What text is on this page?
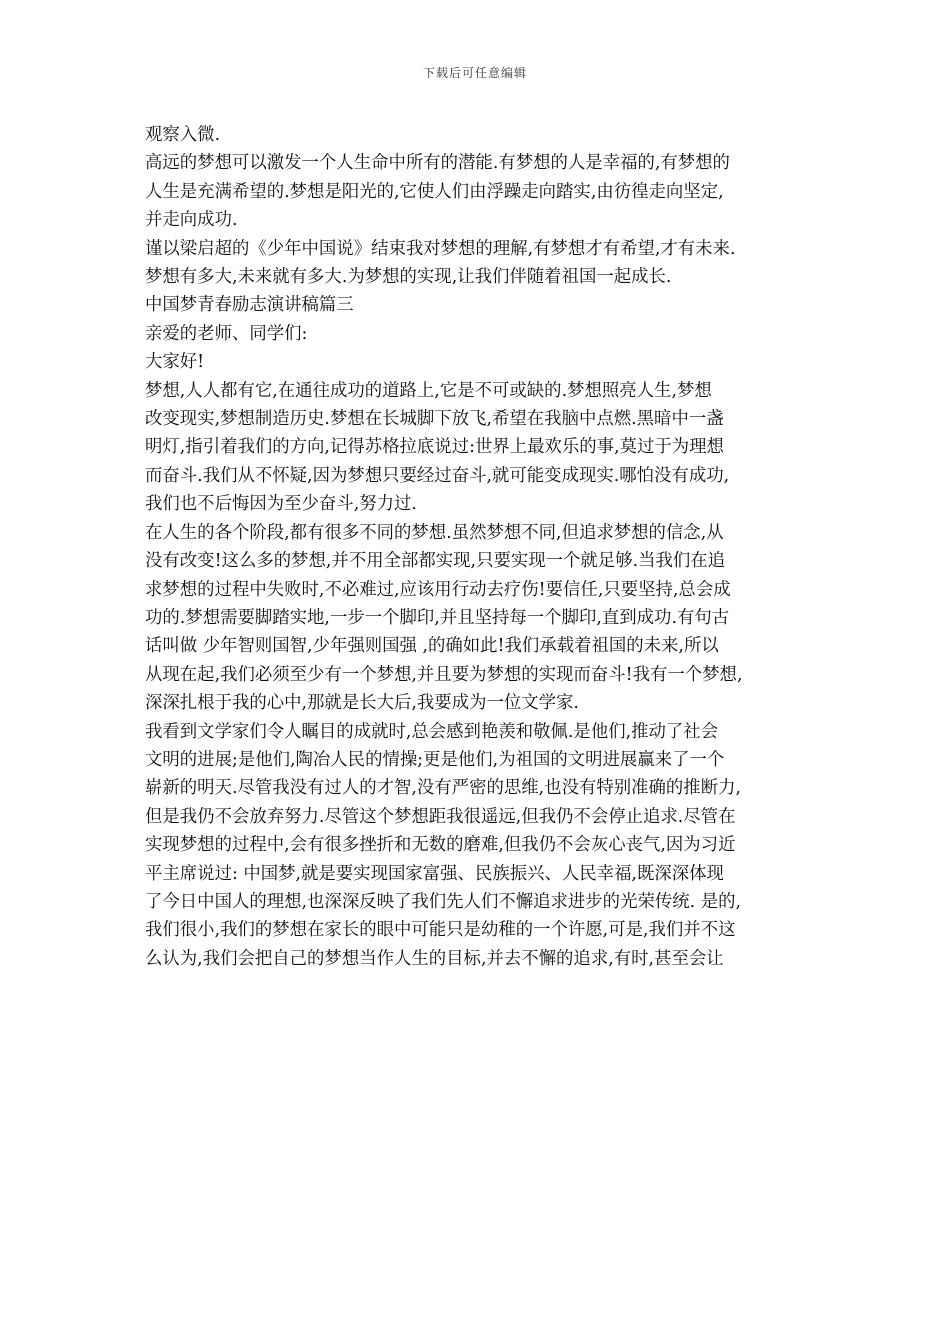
下载后可任意编辑

观察入微.

高远的梦想可以激发一个人生命中所有的潜能.有梦想的人是幸福的,有梦想的

人生是充满希望的.梦想是阳光的,它使人们由浮躁走向踏实,由彷徨走向坚定,

并走向成功.

谨以梁启超的《少年中国说》结束我对梦想的理解,有梦想才有希望,才有未来.

梦想有多大,未来就有多大.为梦想的实现,让我们伴随着祖国一起成长.

中国梦青春励志演讲稿篇三

亲爱的老师、同学们:

大家好!

梦想,人人都有它,在通往成功的道路上,它是不可或缺的.梦想照亮人生,梦想

改变现实,梦想制造历史.梦想在长城脚下放飞,希望在我脑中点燃.黑暗中一盏

明灯,指引着我们的方向,记得苏格拉底说过:世界上最欢乐的事,莫过于为理想

而奋斗.我们从不怀疑,因为梦想只要经过奋斗,就可能变成现实.哪怕没有成功,

我们也不后悔因为至少奋斗,努力过.

在人生的各个阶段,都有很多不同的梦想.虽然梦想不同,但追求梦想的信念,从

没有改变!这么多的梦想,并不用全部都实现,只要实现一个就足够.当我们在追

求梦想的过程中失败时,不必难过,应该用行动去疗伤!要信任,只要坚持,总会成

功的.梦想需要脚踏实地,一步一个脚印,并且坚持每一个脚印,直到成功.有句古

话叫做 少年智则国智,少年强则国强 ,的确如此!我们承载着祖国的未来,所以

从现在起,我们必须至少有一个梦想,并且要为梦想的实现而奋斗!我有一个梦想,

深深扎根于我的心中,那就是长大后,我要成为一位文学家.

我看到文学家们令人瞩目的成就时,总会感到艳羡和敬佩.是他们,推动了社会

文明的进展;是他们,陶冶人民的情操;更是他们,为祖国的文明进展赢来了一个

崭新的明天.尽管我没有过人的才智,没有严密的思维,也没有特别准确的推断力,

但是我仍不会放弃努力.尽管这个梦想距我很遥远,但我仍不会停止追求.尽管在

实现梦想的过程中,会有很多挫折和无数的磨难,但我仍不会灰心丧气,因为习近

平主席说过: 中国梦,就是要实现国家富强、民族振兴、人民幸福,既深深体现

了今日中国人的理想,也深深反映了我们先人们不懈追求进步的光荣传统. 是的,

我们很小,我们的梦想在家长的眼中可能只是幼稚的一个许愿,可是,我们并不这

么认为,我们会把自己的梦想当作人生的目标,并去不懈的追求,有时,甚至会让
